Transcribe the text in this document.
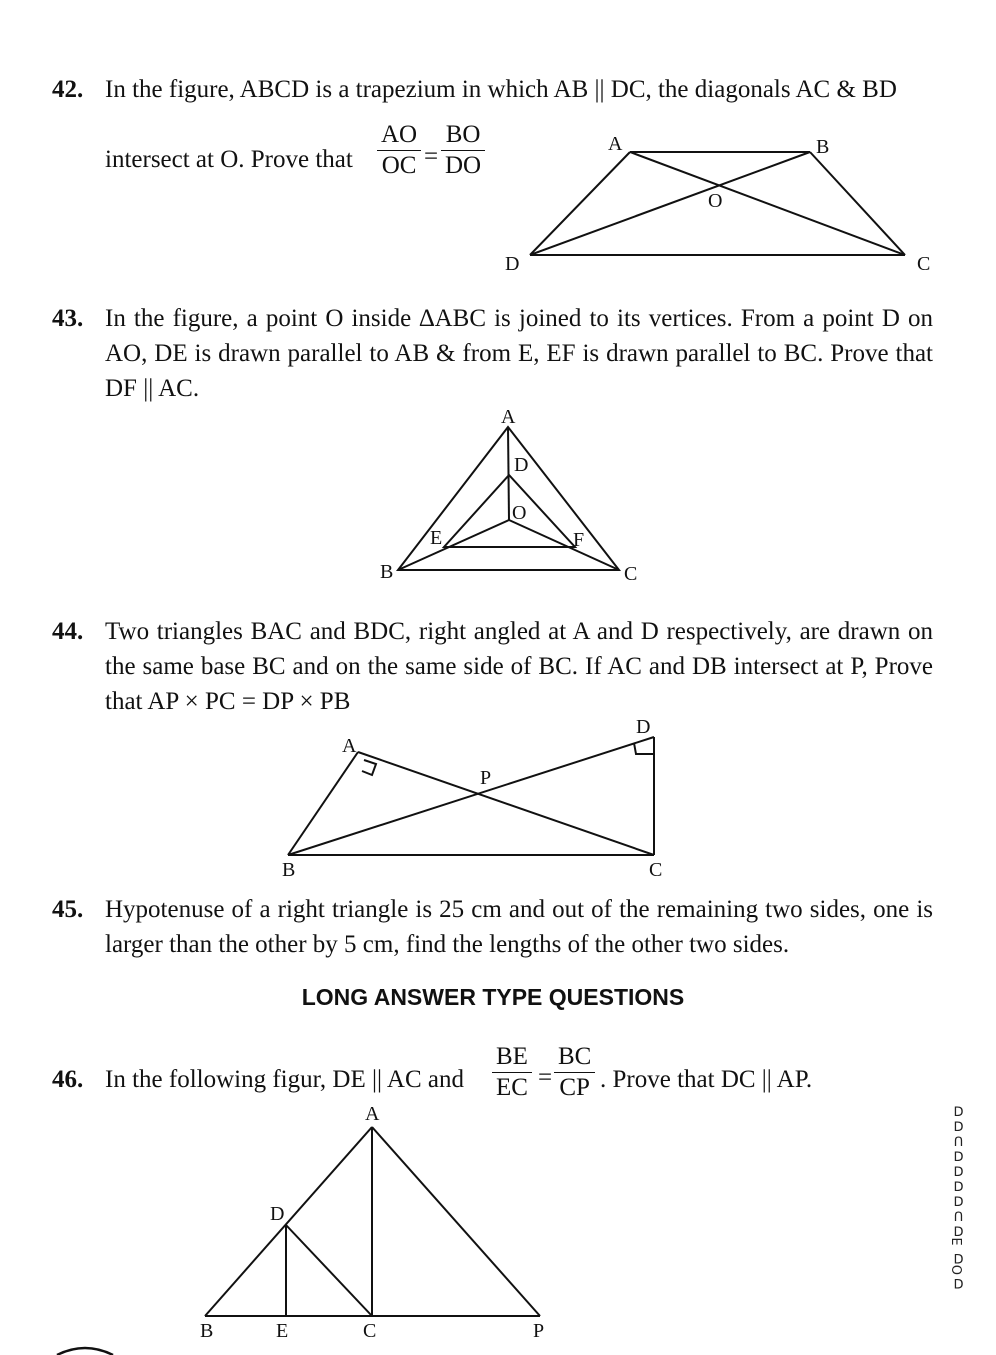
42. In the figure, ABCD is a trapezium in which AB || DC, the diagonals AC & BD
intersect at O. Prove that $\frac{AO}{OC} = \frac{BO}{DO}$	A	B
O
D	C
43. In the figure, a point O inside ∆ABC is joined to its vertices. From a point D on AO, DE is drawn parallel to AB & from E, EF is drawn parallel to BC. Prove that DF || AC.
A
D
O
E	F
B	C
44. Two triangles BAC and BDC, right angled at A and D respectively, are drawn on the same base BC and on the same side of BC. If AC and DB intersect at P, Prove that AP × PC = DP × PB
A
D
P
B	C
45. Hypotenuse of a right triangle is 25 cm and out of the remaining two sides, one is larger than the other by 5 cm, find the lengths of the other two sides.
LONG ANSWER TYPE QUESTIONS
46. In the following figur, DE || AC and	$\frac{BE}{EC} = \frac{BC}{CP}$ . Prove that DC || AP.
A
D
B	E	C	P
ᗡOᗡ Ǝᗡᑌᗡᗡᗡᗡᑌᗡᗡ
